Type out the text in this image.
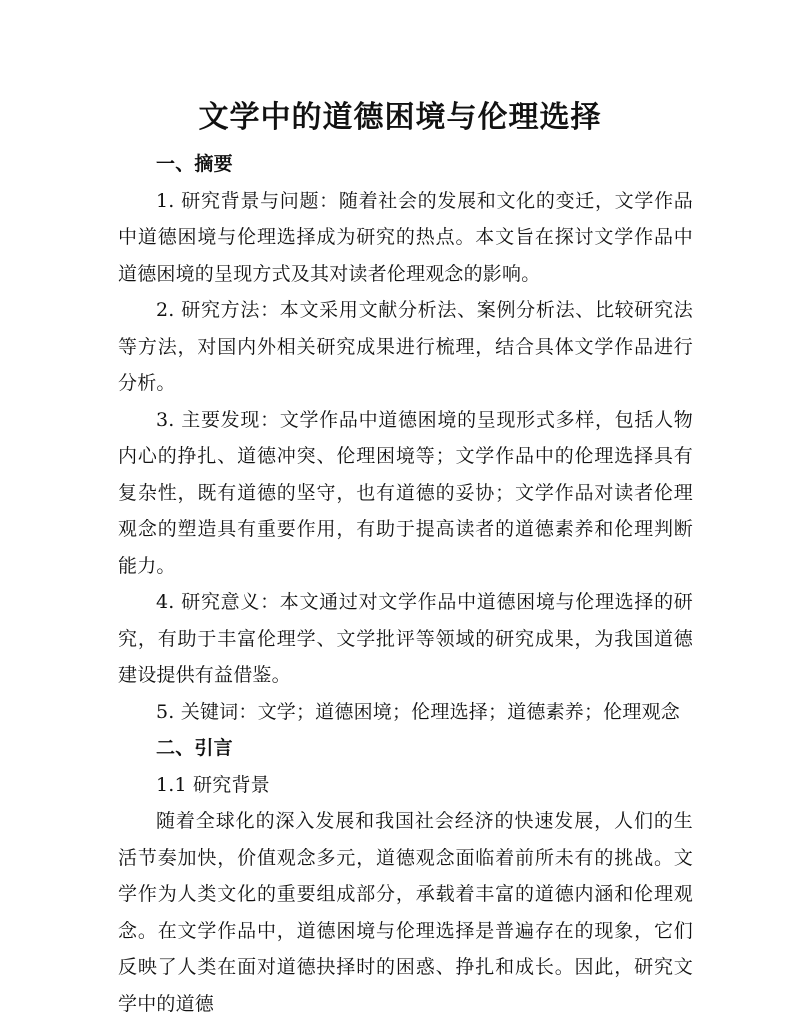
文学中的道德困境与伦理选择

一、摘要

1. 研究背景与问题：随着社会的发展和文化的变迁，文学作品中道德困境与伦理选择成为研究的热点。本文旨在探讨文学作品中道德困境的呈现方式及其对读者伦理观念的影响。

2. 研究方法：本文采用文献分析法、案例分析法、比较研究法等方法，对国内外相关研究成果进行梳理，结合具体文学作品进行分析。

3. 主要发现：文学作品中道德困境的呈现形式多样，包括人物内心的挣扎、道德冲突、伦理困境等；文学作品中的伦理选择具有复杂性，既有道德的坚守，也有道德的妥协；文学作品对读者伦理观念的塑造具有重要作用，有助于提高读者的道德素养和伦理判断能力。

4. 研究意义：本文通过对文学作品中道德困境与伦理选择的研究，有助于丰富伦理学、文学批评等领域的研究成果，为我国道德建设提供有益借鉴。

5. 关键词：文学；道德困境；伦理选择；道德素养；伦理观念

二、引言

1.1 研究背景

随着全球化的深入发展和我国社会经济的快速发展，人们的生活节奏加快，价值观念多元，道德观念面临着前所未有的挑战。文学作为人类文化的重要组成部分，承载着丰富的道德内涵和伦理观念。在文学作品中，道德困境与伦理选择是普遍存在的现象，它们反映了人类在面对道德抉择时的困惑、挣扎和成长。因此，研究文学中的道德
